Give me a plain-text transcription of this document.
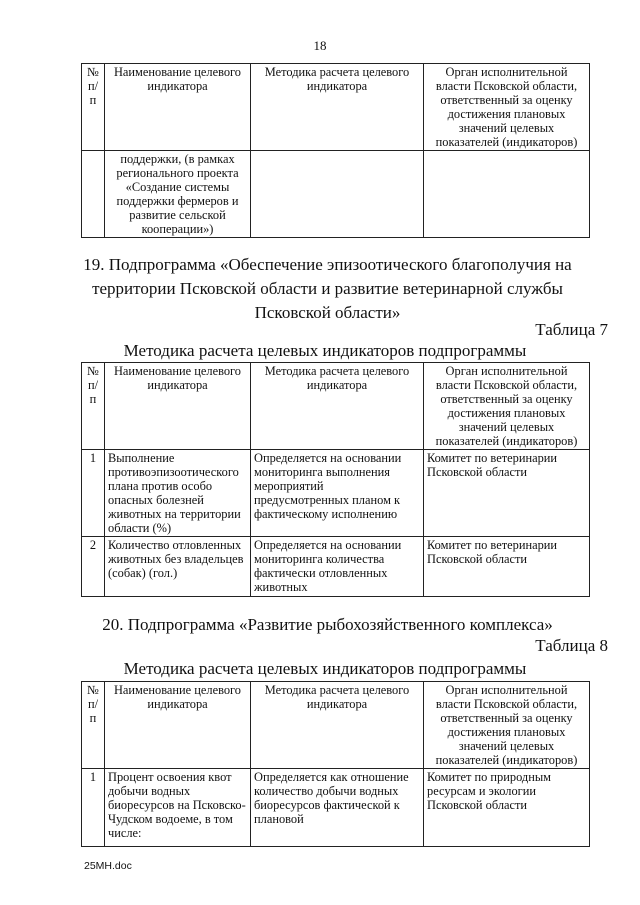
18
№ п/п	Наименование целевого индикатора	Методика расчета целевого индикатора	Орган исполнительной власти Псковской области, ответственный за оценку достижения плановых значений целевых показателей (индикаторов)
	поддержки, (в рамках регионального проекта «Создание системы поддержки фермеров и развитие сельской кооперации»)		
19. Подпрограмма «Обеспечение эпизоотического благополучия на территории Псковской области и развитие ветеринарной службы Псковской области»
Таблица 7
Методика расчета целевых индикаторов подпрограммы
№ п/п	Наименование целевого индикатора	Методика расчета целевого индикатора	Орган исполнительной власти Псковской области, ответственный за оценку достижения плановых значений целевых показателей (индикаторов)
1	Выполнение противоэпизоотического плана против особо опасных болезней животных на территории области (%)	Определяется на основании мониторинга выполнения мероприятий предусмотренных планом к фактическому исполнению	Комитет по ветеринарии Псковской области
2	Количество отловленных животных без владельцев (собак) (гол.)	Определяется на основании мониторинга количества фактически отловленных животных	Комитет по ветеринарии Псковской области
20. Подпрограмма «Развитие рыбохозяйственного комплекса»
Таблица 8
Методика расчета целевых индикаторов подпрограммы
№ п/п	Наименование целевого индикатора	Методика расчета целевого индикатора	Орган исполнительной власти Псковской области, ответственный за оценку достижения плановых значений целевых показателей (индикаторов)
1	Процент освоения квот добычи водных биоресурсов на Псковско-Чудском водоеме, в том числе:	Определяется как отношение количество добычи водных биоресурсов фактической к плановой	Комитет по природным ресурсам и экологии Псковской области
25МН.doc
